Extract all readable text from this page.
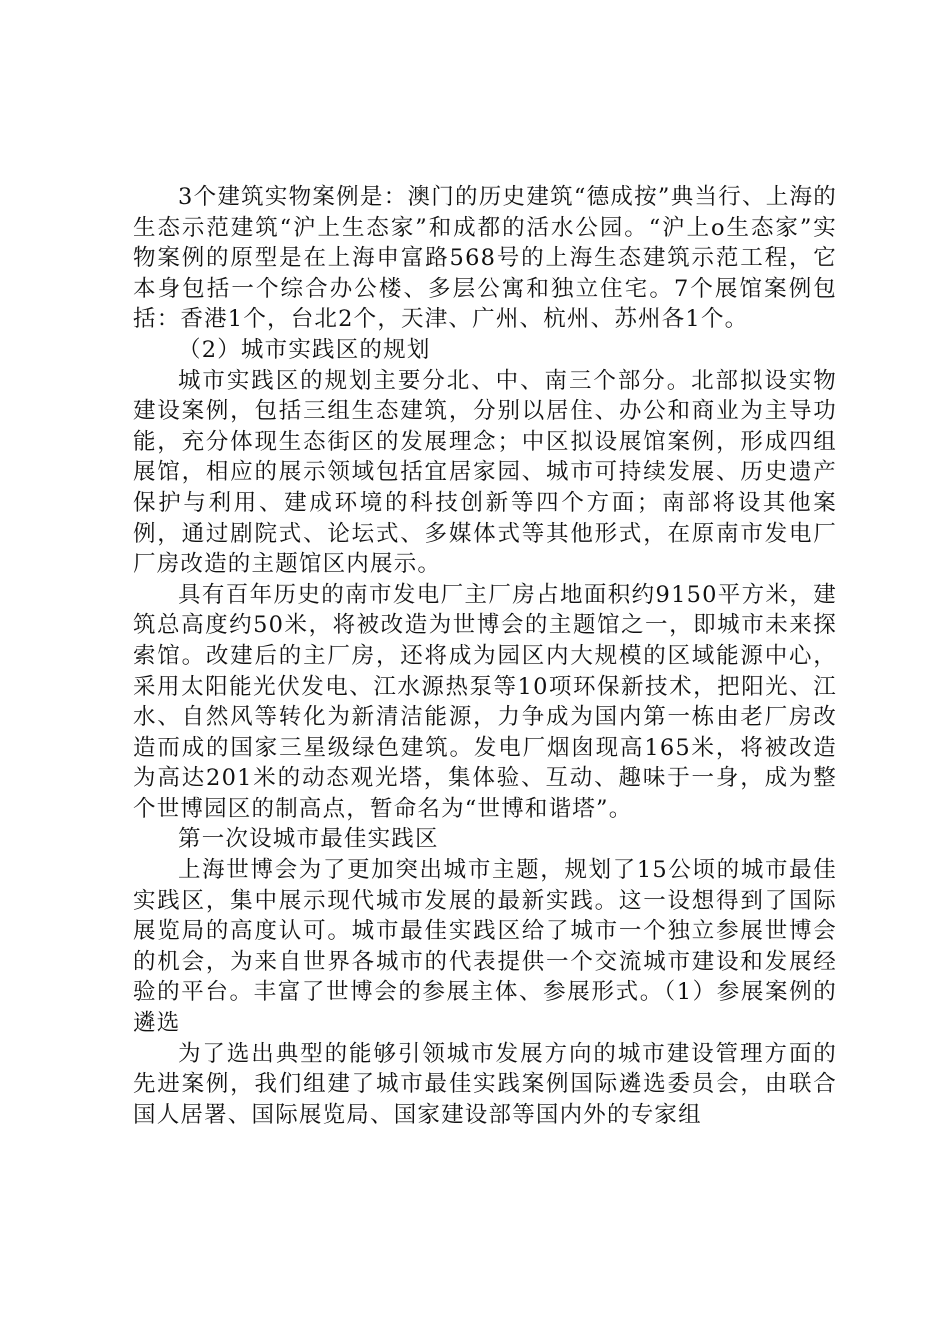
3个建筑实物案例是：澳门的历史建筑“德成按”典当行、上海的生态示范建筑“沪上生态家”和成都的活水公园。“沪上o生态家”实物案例的原型是在上海申富路568号的上海生态建筑示范工程，它本身包括一个综合办公楼、多层公寓和独立住宅。7个展馆案例包括：香港1个，台北2个，天津、广州、杭州、苏州各1个。

（2）城市实践区的规划

城市实践区的规划主要分北、中、南三个部分。北部拟设实物建设案例，包括三组生态建筑，分别以居住、办公和商业为主导功能，充分体现生态街区的发展理念；中区拟设展馆案例，形成四组展馆，相应的展示领域包括宜居家园、城市可持续发展、历史遗产保护与利用、建成环境的科技创新等四个方面；南部将设其他案例，通过剧院式、论坛式、多媒体式等其他形式，在原南市发电厂厂房改造的主题馆区内展示。

具有百年历史的南市发电厂主厂房占地面积约9150平方米，建筑总高度约50米，将被改造为世博会的主题馆之一，即城市未来探索馆。改建后的主厂房，还将成为园区内大规模的区域能源中心，采用太阳能光伏发电、江水源热泵等10项环保新技术，把阳光、江水、自然风等转化为新清洁能源，力争成为国内第一栋由老厂房改造而成的国家三星级绿色建筑。发电厂烟囱现高165米，将被改造为高达201米的动态观光塔，集体验、互动、趣味于一身，成为整个世博园区的制高点，暂命名为“世博和谐塔”。

第一次设城市最佳实践区

上海世博会为了更加突出城市主题，规划了15公顷的城市最佳实践区，集中展示现代城市发展的最新实践。这一设想得到了国际展览局的高度认可。城市最佳实践区给了城市一个独立参展世博会的机会，为来自世界各城市的代表提供一个交流城市建设和发展经验的平台。丰富了世博会的参展主体、参展形式。（1）参展案例的遴选

为了选出典型的能够引领城市发展方向的城市建设管理方面的先进案例，我们组建了城市最佳实践案例国际遴选委员会，由联合国人居署、国际展览局、国家建设部等国内外的专家组
